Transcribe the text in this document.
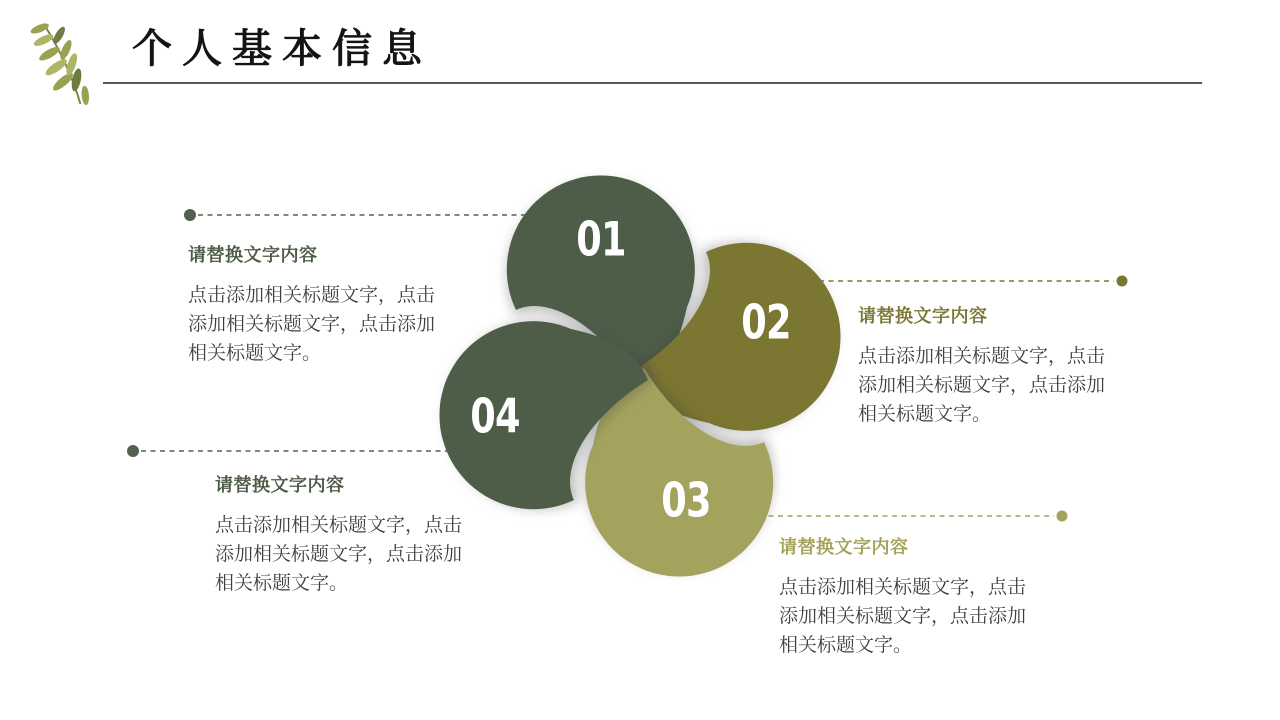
个人基本信息
01
02
03
04
请替换文字内容

点击添加相关标题文字，点击
添加相关标题文字，点击添加
相关标题文字。

请替换文字内容

点击添加相关标题文字，点击
添加相关标题文字，点击添加
相关标题文字。

请替换文字内容

点击添加相关标题文字，点击
添加相关标题文字，点击添加
相关标题文字。

请替换文字内容

点击添加相关标题文字，点击
添加相关标题文字，点击添加
相关标题文字。
